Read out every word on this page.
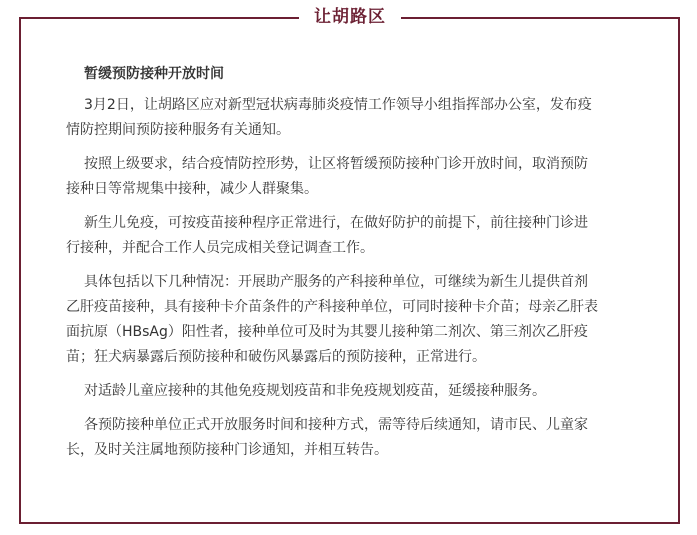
让胡路区
暂缓预防接种开放时间
3月2日，让胡路区应对新型冠状病毒肺炎疫情工作领导小组指挥部办公室，发布疫
情防控期间预防接种服务有关通知。
按照上级要求，结合疫情防控形势，让区将暂缓预防接种门诊开放时间，取消预防
接种日等常规集中接种，减少人群聚集。
新生儿免疫，可按疫苗接种程序正常进行，在做好防护的前提下，前往接种门诊进
行接种，并配合工作人员完成相关登记调查工作。
具体包括以下几种情况：开展助产服务的产科接种单位，可继续为新生儿提供首剂
乙肝疫苗接种，具有接种卡介苗条件的产科接种单位，可同时接种卡介苗；母亲乙肝表
面抗原（HBsAg）阳性者，接种单位可及时为其婴儿接种第二剂次、第三剂次乙肝疫
苗；狂犬病暴露后预防接种和破伤风暴露后的预防接种，正常进行。
对适龄儿童应接种的其他免疫规划疫苗和非免疫规划疫苗，延缓接种服务。
各预防接种单位正式开放服务时间和接种方式，需等待后续通知，请市民、儿童家
长，及时关注属地预防接种门诊通知，并相互转告。
